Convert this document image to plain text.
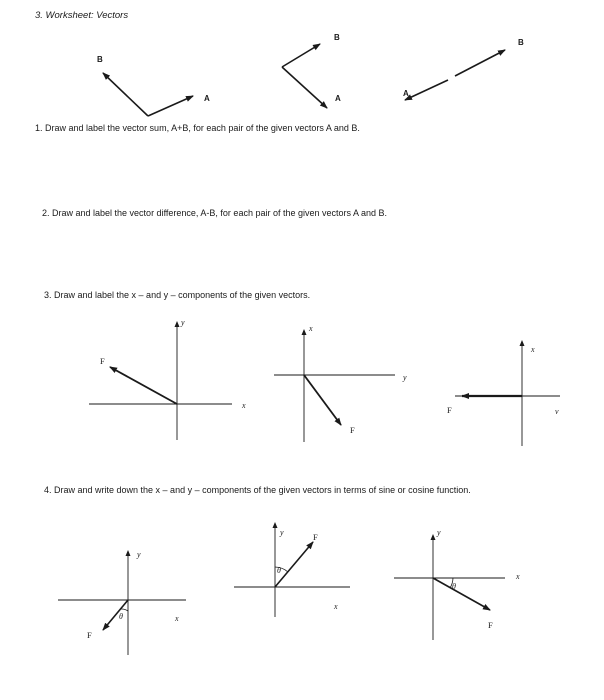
3. Worksheet: Vectors
1. Draw and label the vector sum, A+B, for each pair of the given vectors A and B.
2. Draw and label the vector difference, A-B, for each pair of the given vectors A and B.
3. Draw and label the x – and y – components of the given vectors.
4. Draw and write down the x – and y – components of the given vectors in terms of sine or cosine function.
B
A
B
A
B
A
y
x
F
x
y
F
x
v
F
y
x
θ
F
y	F
θ
x
y
x
θ
F
